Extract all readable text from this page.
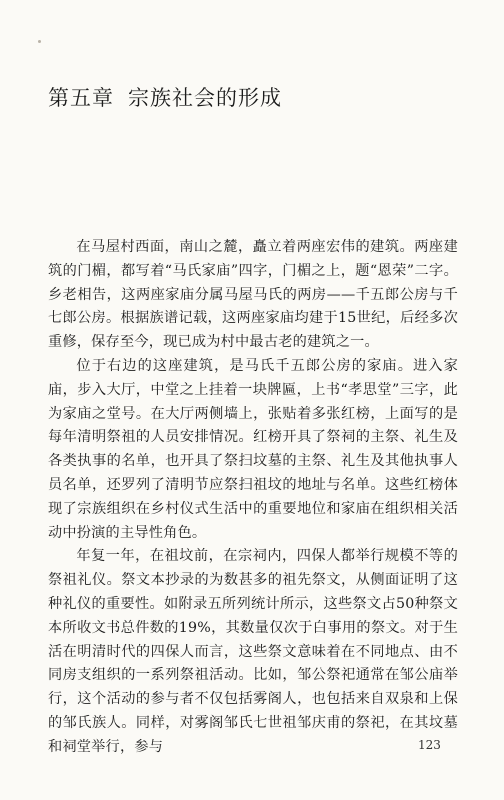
第五章 宗族社会的形成

在马屋村西面，南山之麓，矗立着两座宏伟的建筑。两座建筑的门楣，都写着“马氏家庙”四字，门楣之上，题“恩荣”二字。乡老相告，这两座家庙分属马屋马氏的两房——千五郎公房与千七郎公房。根据族谱记载，这两座家庙均建于15世纪，后经多次重修，保存至今，现已成为村中最古老的建筑之一。

位于右边的这座建筑，是马氏千五郎公房的家庙。进入家庙，步入大厅，中堂之上挂着一块牌匾，上书“孝思堂”三字，此为家庙之堂号。在大厅两侧墙上，张贴着多张红榜，上面写的是每年清明祭祖的人员安排情况。红榜开具了祭祠的主祭、礼生及各类执事的名单，也开具了祭扫坟墓的主祭、礼生及其他执事人员名单，还罗列了清明节应祭扫祖坟的地址与名单。这些红榜体现了宗族组织在乡村仪式生活中的重要地位和家庙在组织相关活动中扮演的主导性角色。

年复一年，在祖坟前，在宗祠内，四保人都举行规模不等的祭祖礼仪。祭文本抄录的为数甚多的祖先祭文，从侧面证明了这种礼仪的重要性。如附录五所列统计所示，这些祭文占50种祭文本所收文书总件数的19%，其数量仅次于白事用的祭文。对于生活在明清时代的四保人而言，这些祭文意味着在不同地点、由不同房支组织的一系列祭祖活动。比如，邹公祭祀通常在邹公庙举行，这个活动的参与者不仅包括雾阁人，也包括来自双泉和上保的邹氏族人。同样，对雾阁邹氏七世祖邹庆甫的祭祀，在其坟墓和祠堂举行，参与	123
